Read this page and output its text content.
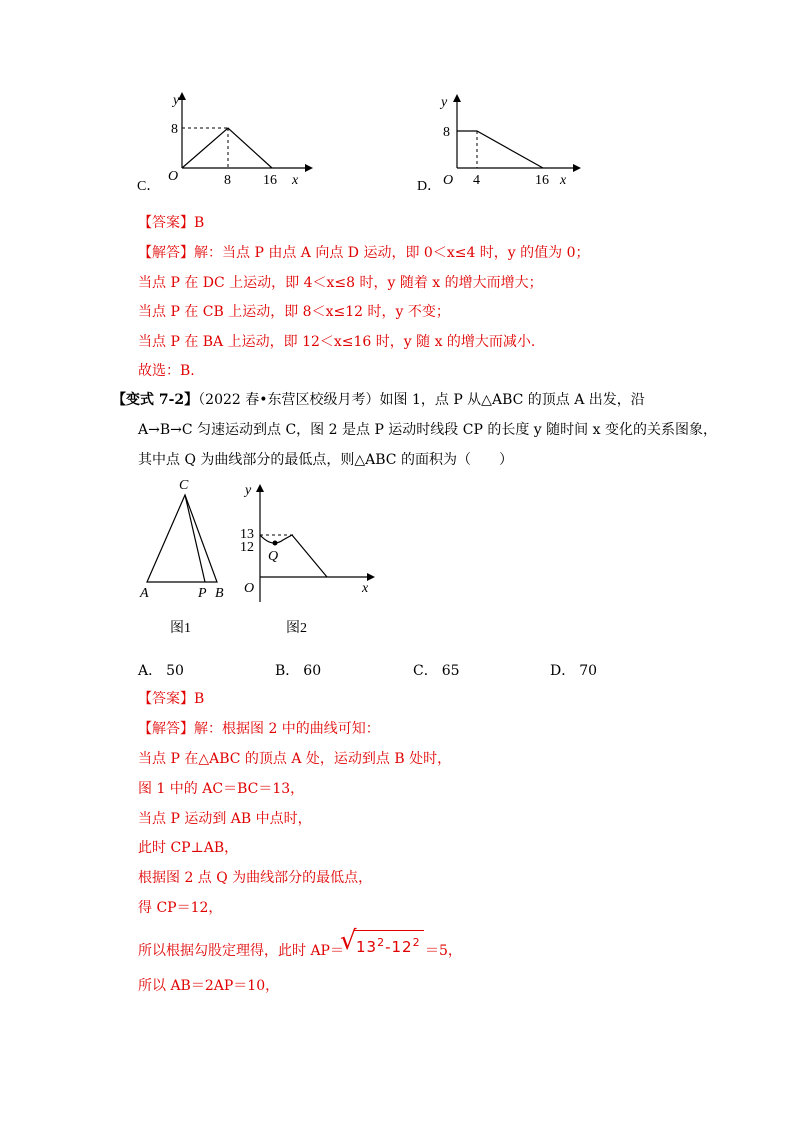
y
x
O
8
8 16
C．
y
x
O
8
4	16
D．
【答案】B
【解答】解：当点 P 由点 A 向点 D 运动，即 0＜x≤4 时，y 的值为 0；
当点 P 在 DC 上运动，即 4＜x≤8 时，y 随着 x 的增大而增大；
当点 P 在 CB 上运动，即 8＜x≤12 时，y 不变；
当点 P 在 BA 上运动，即 12＜x≤16 时，y 随 x 的增大而减小.
故选：B.
【变式 7-2】（2022 春•东营区校级月考）如图 1，点 P 从△ABC 的顶点 A 出发，沿
A→B→C 匀速运动到点 C，图 2 是点 P 运动时线段 CP 的长度 y 随时间 x 变化的关系图象，
其中点 Q 为曲线部分的最低点，则△ABC 的面积为（　　）
C
A	P B
图1
y
x
O
13
12
Q
图2
A． 50	B． 60	C． 65	D． 70
【答案】B
【解答】解：根据图 2 中的曲线可知：
当点 P 在△ABC 的顶点 A 处，运动到点 B 处时，
图 1 中的 AC＝BC＝13，
当点 P 运动到 AB 中点时，
此时 CP⊥AB，
根据图 2 点 Q 为曲线部分的最低点，
得 CP＝12，
所以根据勾股定理得，此时 AP＝
√ $13^2-12^2$
＝5，
所以 AB＝2AP＝10，
